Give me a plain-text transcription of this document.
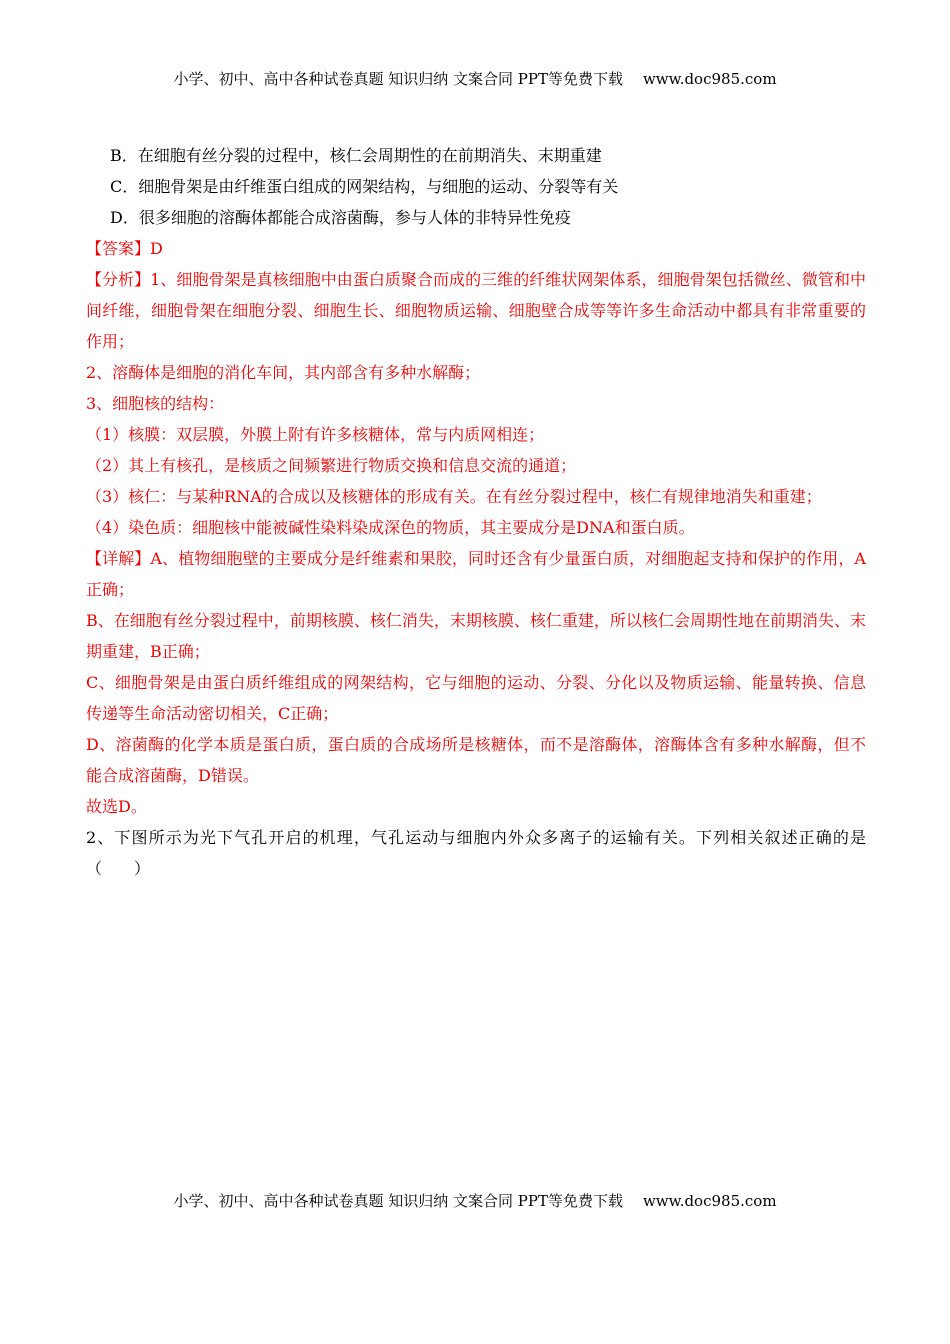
小学、初中、高中各种试卷真题 知识归纳 文案合同 PPT等免费下载 www.doc985.com
B．在细胞有丝分裂的过程中，核仁会周期性的在前期消失、末期重建
C．细胞骨架是由纤维蛋白组成的网架结构，与细胞的运动、分裂等有关
D．很多细胞的溶酶体都能合成溶菌酶，参与人体的非特异性免疫
【答案】D
【分析】1、细胞骨架是真核细胞中由蛋白质聚合而成的三维的纤维状网架体系，细胞骨架包括微丝、微管和中间纤维，细胞骨架在细胞分裂、细胞生长、细胞物质运输、细胞壁合成等等许多生命活动中都具有非常重要的作用；
2、溶酶体是细胞的消化车间，其内部含有多种水解酶；
3、细胞核的结构：
（1）核膜：双层膜，外膜上附有许多核糖体，常与内质网相连；
（2）其上有核孔，是核质之间频繁进行物质交换和信息交流的通道；
（3）核仁：与某种RNA的合成以及核糖体的形成有关。在有丝分裂过程中，核仁有规律地消失和重建；
（4）染色质：细胞核中能被碱性染料染成深色的物质，其主要成分是DNA和蛋白质。
【详解】A、植物细胞壁的主要成分是纤维素和果胶，同时还含有少量蛋白质，对细胞起支持和保护的作用，A正确；
B、在细胞有丝分裂过程中，前期核膜、核仁消失，末期核膜、核仁重建，所以核仁会周期性地在前期消失、末期重建，B正确；
C、细胞骨架是由蛋白质纤维组成的网架结构，它与细胞的运动、分裂、分化以及物质运输、能量转换、信息传递等生命活动密切相关，C正确；
D、溶菌酶的化学本质是蛋白质，蛋白质的合成场所是核糖体，而不是溶酶体，溶酶体含有多种水解酶，但不能合成溶菌酶，D错误。
故选D。
2、下图所示为光下气孔开启的机理，气孔运动与细胞内外众多离子的运输有关。下列相关叙述正确的是（　　）
小学、初中、高中各种试卷真题 知识归纳 文案合同 PPT等免费下载 www.doc985.com
